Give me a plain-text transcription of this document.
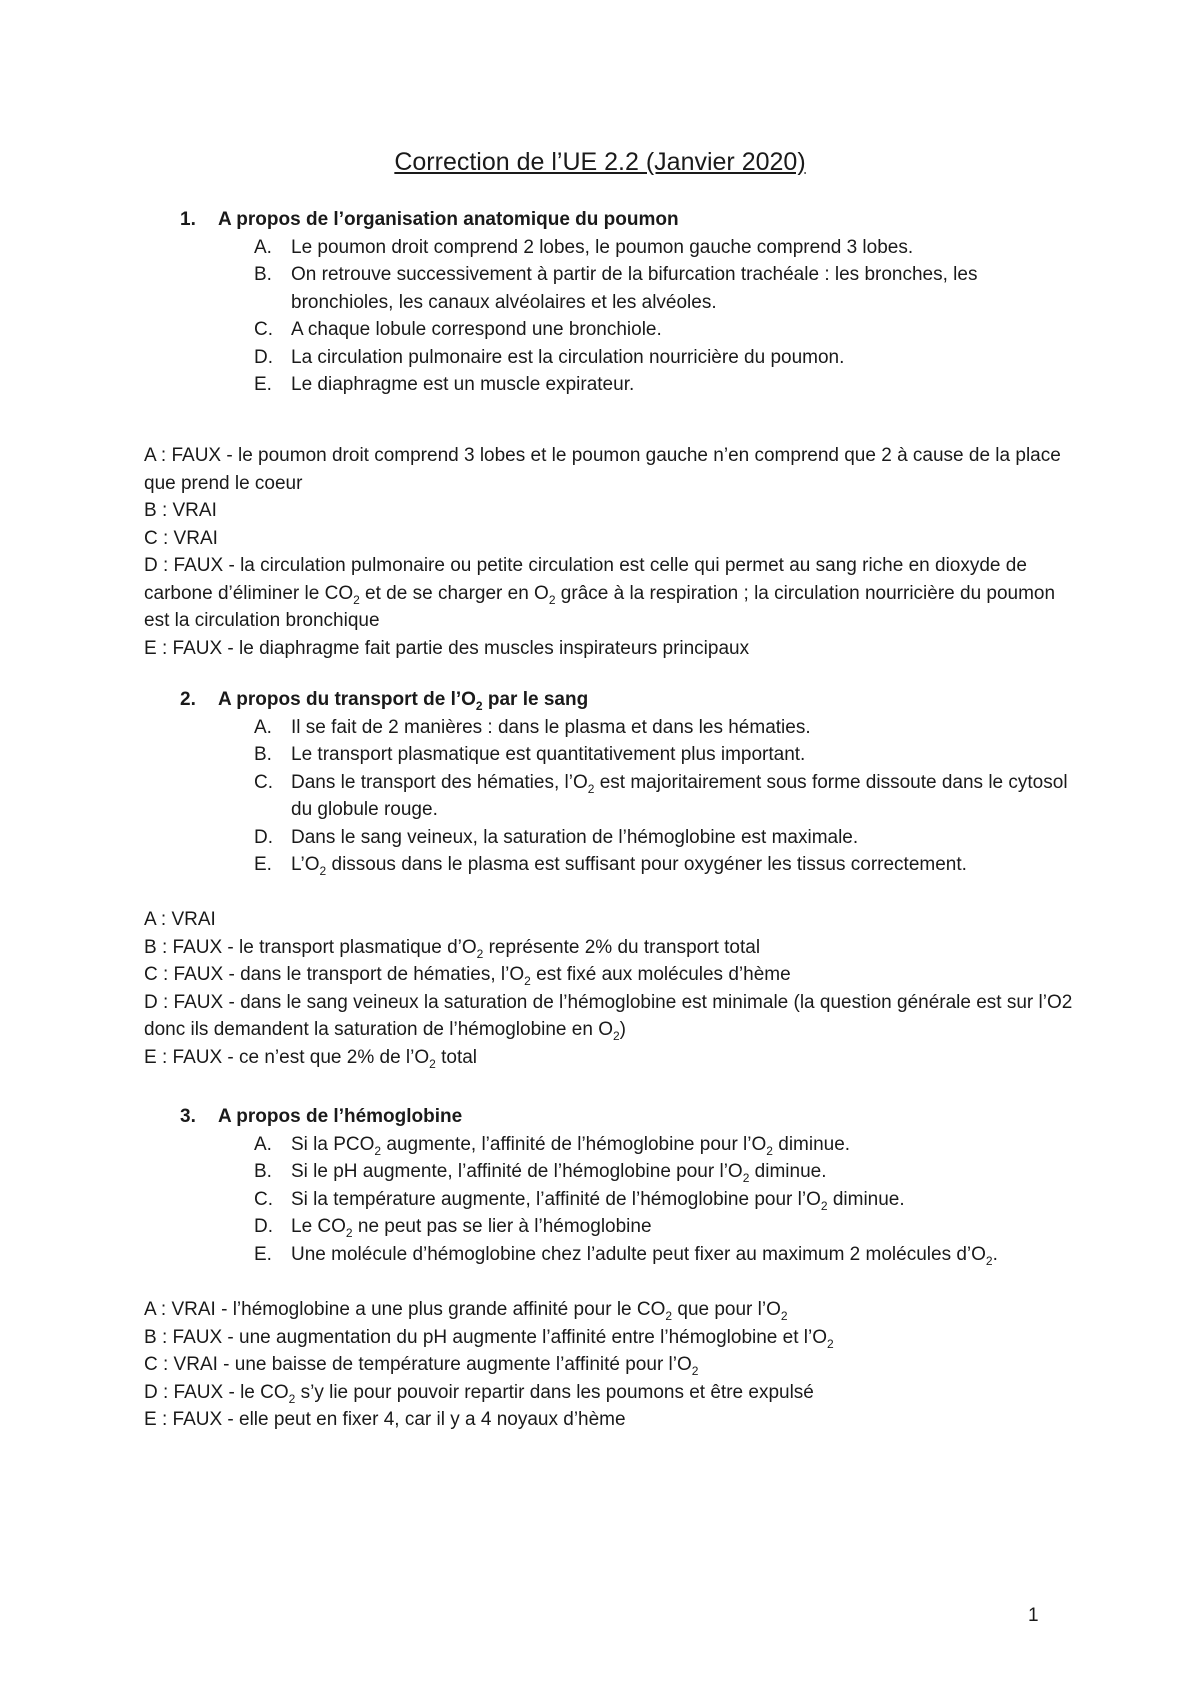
Correction de l’UE 2.2 (Janvier 2020)
1.	A propos de l’organisation anatomique du poumon
A.	Le poumon droit comprend 2 lobes, le poumon gauche comprend 3 lobes.
B.	On retrouve successivement à partir de la bifurcation trachéale : les bronches, les bronchioles, les canaux alvéolaires et les alvéoles.
C. A chaque lobule correspond une bronchiole.
D. La circulation pulmonaire est la circulation nourricière du poumon.
E.	Le diaphragme est un muscle expirateur.
A : FAUX - le poumon droit comprend 3 lobes et le poumon gauche n’en comprend que 2 à cause de la place que prend le coeur
B : VRAI
C : VRAI
D : FAUX - la circulation pulmonaire ou petite circulation est celle qui permet au sang riche en dioxyde de carbone d’éliminer le $CO_2$ et de se charger en $O_2$ grâce à la respiration ; la circulation nourricière du poumon est la circulation bronchique
E : FAUX - le diaphragme fait partie des muscles inspirateurs principaux
2.	A propos du transport de $l’O_2$ par le sang
A.	Il se fait de 2 manières : dans le plasma et dans les hématies.
B.	Le transport plasmatique est quantitativement plus important.
C. Dans le transport des hématies, $l’O_2$ est majoritairement sous forme dissoute dans le cytosol du globule rouge.
D. Dans le sang veineux, la saturation de l’hémoglobine est maximale.
E.	$L’O_2$ dissous dans le plasma est suffisant pour oxygéner les tissus correctement.
A : VRAI
B : FAUX - le transport plasmatique $d’O_2$ représente 2% du transport total
C : FAUX - dans le transport de hématies, $l’O_2$ est fixé aux molécules d’hème
D : FAUX - dans le sang veineux la saturation de l’hémoglobine est minimale (la question générale est sur l’O2 donc ils demandent la saturation de l’hémoglobine en $O_2$)
E : FAUX - ce n’est que 2% de $l’O_2$ total
3.	A propos de l’hémoglobine
A.	Si la $PCO_2$ augmente, l’affinité de l’hémoglobine pour $l’O_2$ diminue.
B.	Si le pH augmente, l’affinité de l’hémoglobine pour $l’O_2$ diminue.
C. Si la température augmente, l’affinité de l’hémoglobine pour $l’O_2$ diminue.
D. Le $CO_2$ ne peut pas se lier à l’hémoglobine
E.	Une molécule d’hémoglobine chez l’adulte peut fixer au maximum 2 molécules $d’O_2$.
A : VRAI - l’hémoglobine a une plus grande affinité pour le $CO_2$ que pour $l’O_2$
B : FAUX - une augmentation du pH augmente l’affinité entre l’hémoglobine et $l’O_2$
C : VRAI - une baisse de température augmente l’affinité pour $l’O_2$
D : FAUX - le $CO_2$ s’y lie pour pouvoir repartir dans les poumons et être expulsé
E : FAUX - elle peut en fixer 4, car il y a 4 noyaux d’hème
1
